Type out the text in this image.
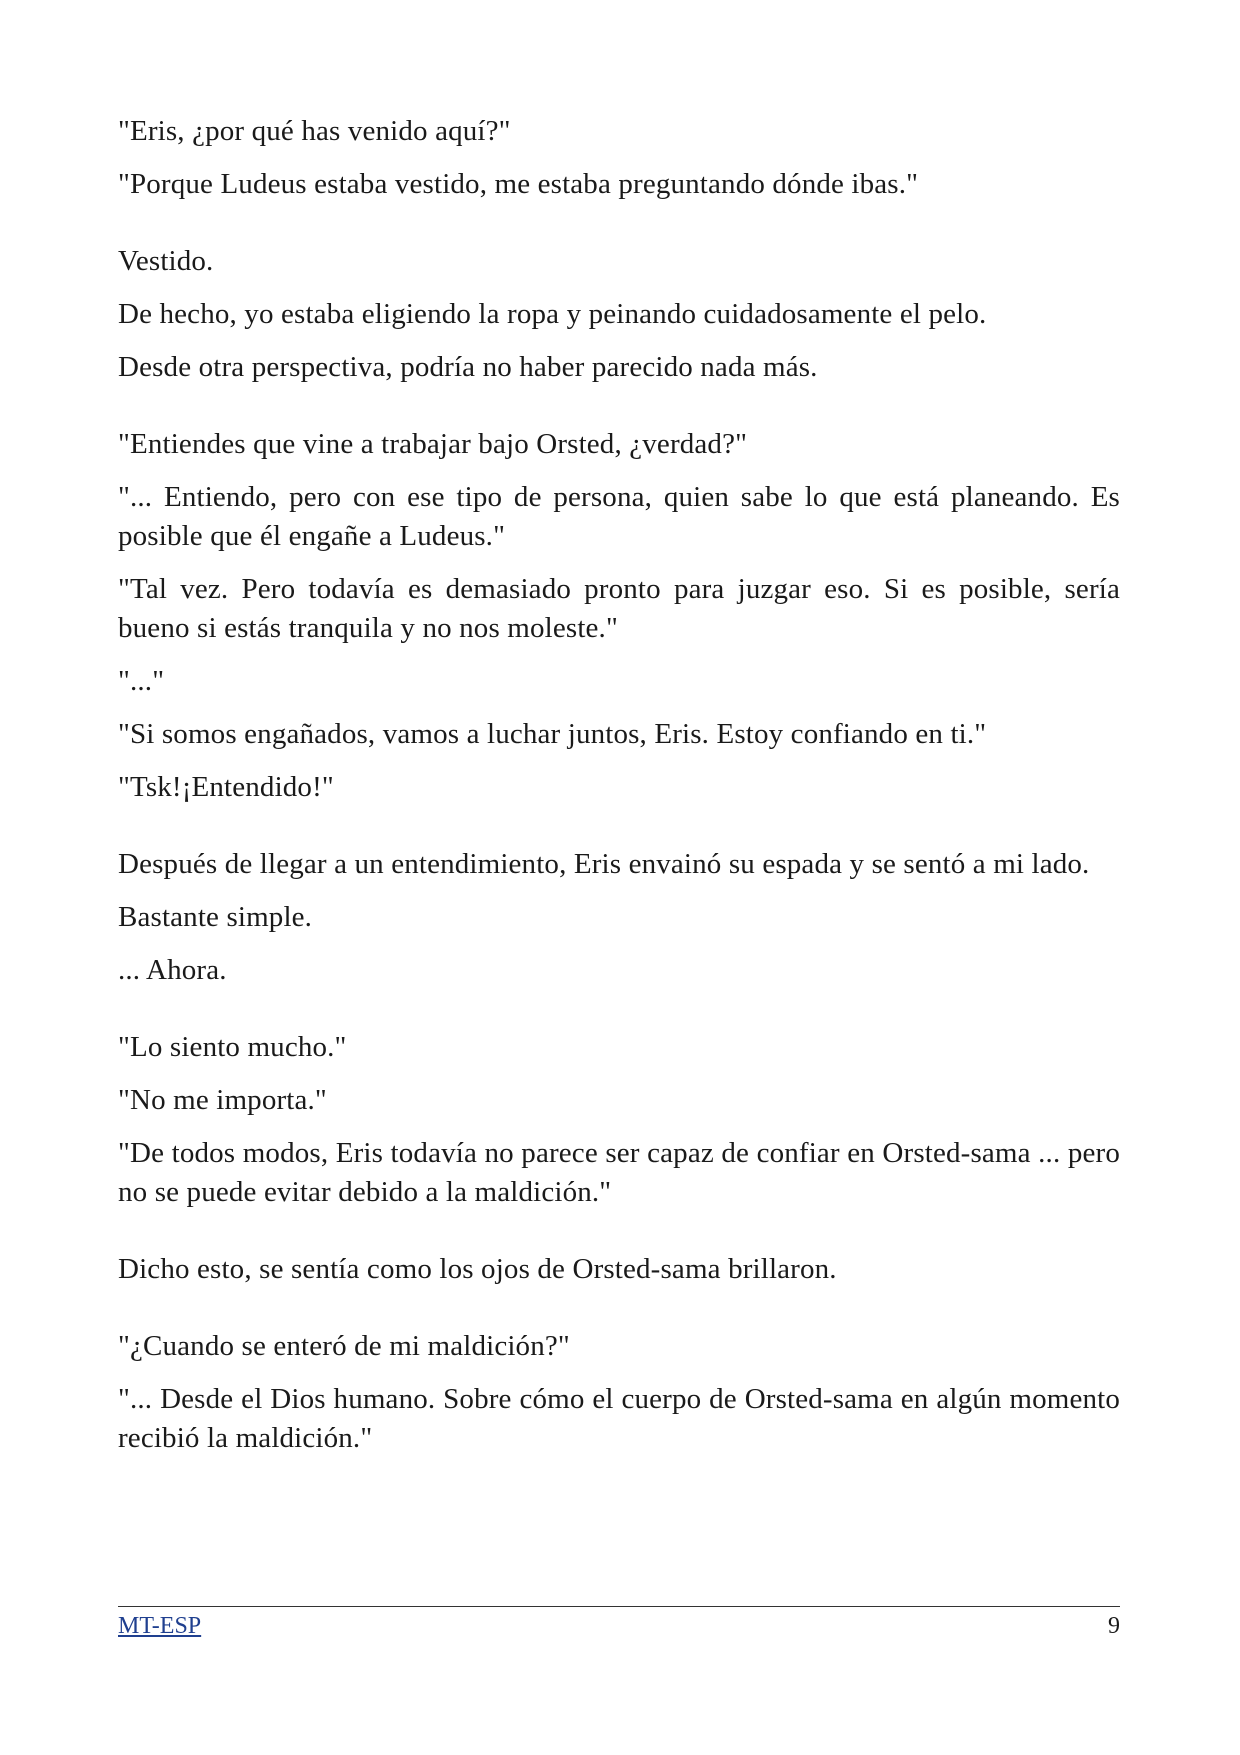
"Eris, ¿por qué has venido aquí?"

"Porque Ludeus estaba vestido, me estaba preguntando dónde ibas."

Vestido.

De hecho, yo estaba eligiendo la ropa y peinando cuidadosamente el pelo.

Desde otra perspectiva, podría no haber parecido nada más.

"Entiendes que vine a trabajar bajo Orsted, ¿verdad?"

"... Entiendo, pero con ese tipo de persona, quien sabe lo que está planeando. Es posible que él engañe a Ludeus."

"Tal vez. Pero todavía es demasiado pronto para juzgar eso. Si es posible, sería bueno si estás tranquila y no nos moleste."

"..."

"Si somos engañados, vamos a luchar juntos, Eris. Estoy confiando en ti."

"Tsk!¡Entendido!"

Después de llegar a un entendimiento, Eris envainó su espada y se sentó a mi lado.

Bastante simple.

... Ahora.

"Lo siento mucho."

"No me importa."

"De todos modos, Eris todavía no parece ser capaz de confiar en Orsted-sama ... pero no se puede evitar debido a la maldición."

Dicho esto, se sentía como los ojos de Orsted-sama brillaron.

"¿Cuando se enteró de mi maldición?"

"... Desde el Dios humano. Sobre cómo el cuerpo de Orsted-sama en algún momento recibió la maldición."

MT-ESP	9
